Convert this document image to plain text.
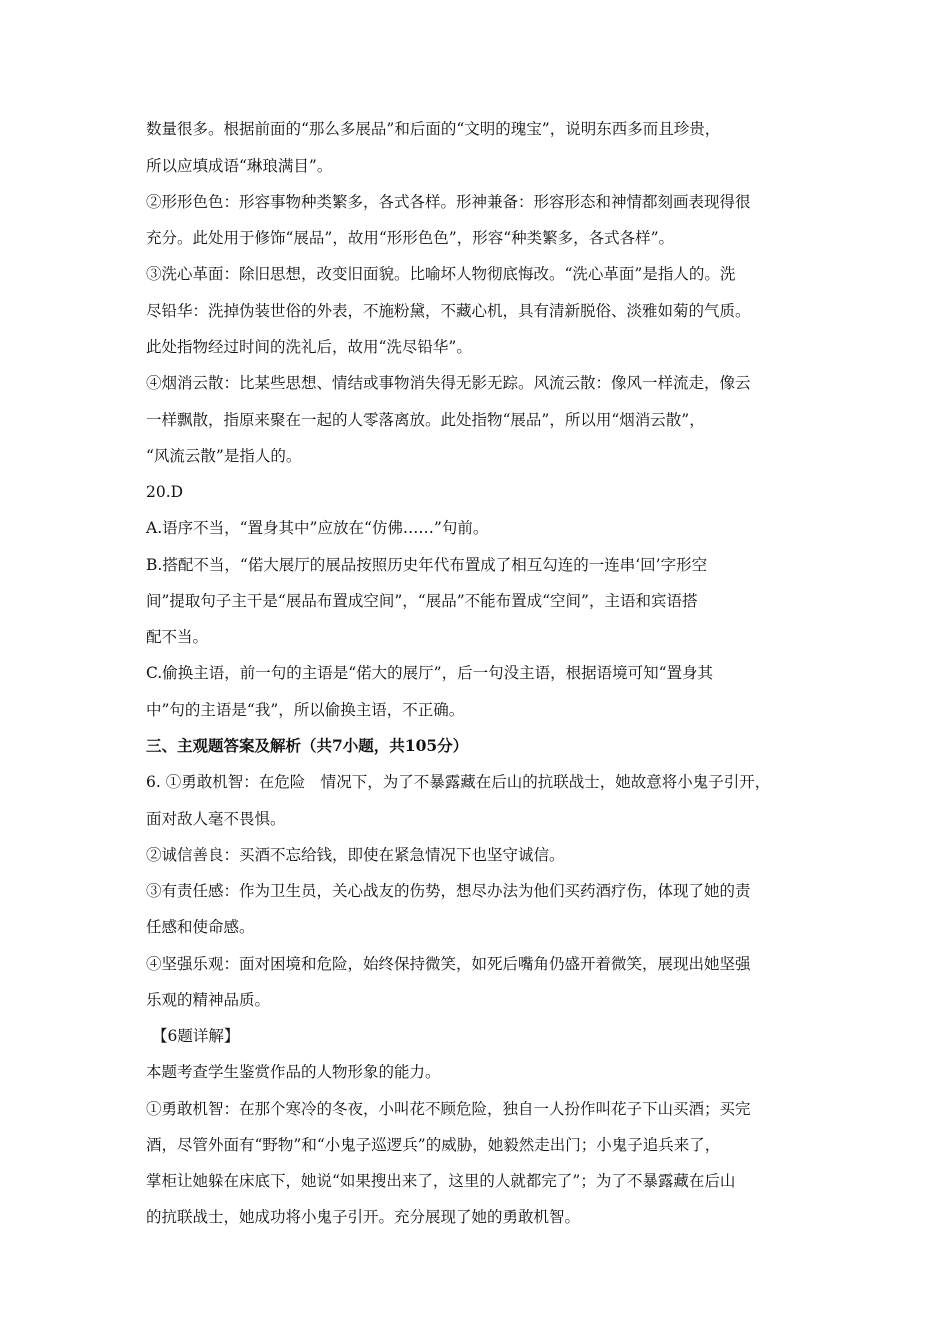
数量很多。根据前面的“那么多展品”和后面的“文明的瑰宝”，说明东西多而且珍贵，
所以应填成语“琳琅满目”。
②形形色色：形容事物种类繁多，各式各样。形神兼备：形容形态和神情都刻画表现得很
充分。此处用于修饰“展品”，故用“形形色色”，形容“种类繁多，各式各样”。
③洗心革面：除旧思想，改变旧面貌。比喻坏人物彻底悔改。“洗心革面”是指人的。洗
尽铅华：洗掉伪装世俗的外表，不施粉黛，不藏心机，具有清新脱俗、淡雅如菊的气质。
此处指物经过时间的洗礼后，故用“洗尽铅华”。
④烟消云散：比某些思想、情结或事物消失得无影无踪。风流云散：像风一样流走，像云
一样飘散，指原来聚在一起的人零落离放。此处指物“展品”，所以用“烟消云散”，
“风流云散”是指人的。
20.D
A.语序不当，“置身其中”应放在“仿佛……”句前。
B.搭配不当，“偌大展厅的展品按照历史年代布置成了相互勾连的一连串‘回’字形空
间”提取句子主干是“展品布置成空间”，“展品”不能布置成“空间”，主语和宾语搭
配不当。
C.偷换主语，前一句的主语是“偌大的展厅”，后一句没主语，根据语境可知“置身其
中”句的主语是“我”，所以偷换主语，不正确。
三、主观题答案及解析（共7小题，共105分）
6. ①勇敢机智：在危险　情况下，为了不暴露藏在后山的抗联战士，她故意将小鬼子引开，
面对敌人毫不畏惧。
②诚信善良：买酒不忘给钱，即使在紧急情况下也坚守诚信。
③有责任感：作为卫生员，关心战友的伤势，想尽办法为他们买药酒疗伤，体现了她的责
任感和使命感。
④坚强乐观：面对困境和危险，始终保持微笑，如死后嘴角仍盛开着微笑，展现出她坚强
乐观的精神品质。
【6题详解】
本题考查学生鉴赏作品的人物形象的能力。
①勇敢机智：在那个寒冷的冬夜，小叫花不顾危险，独自一人扮作叫花子下山买酒；买完
酒，尽管外面有“野物”和“小鬼子巡逻兵”的威胁，她毅然走出门；小鬼子追兵来了，
掌柜让她躲在床底下，她说“如果搜出来了，这里的人就都完了”；为了不暴露藏在后山
的抗联战士，她成功将小鬼子引开。充分展现了她的勇敢机智。
